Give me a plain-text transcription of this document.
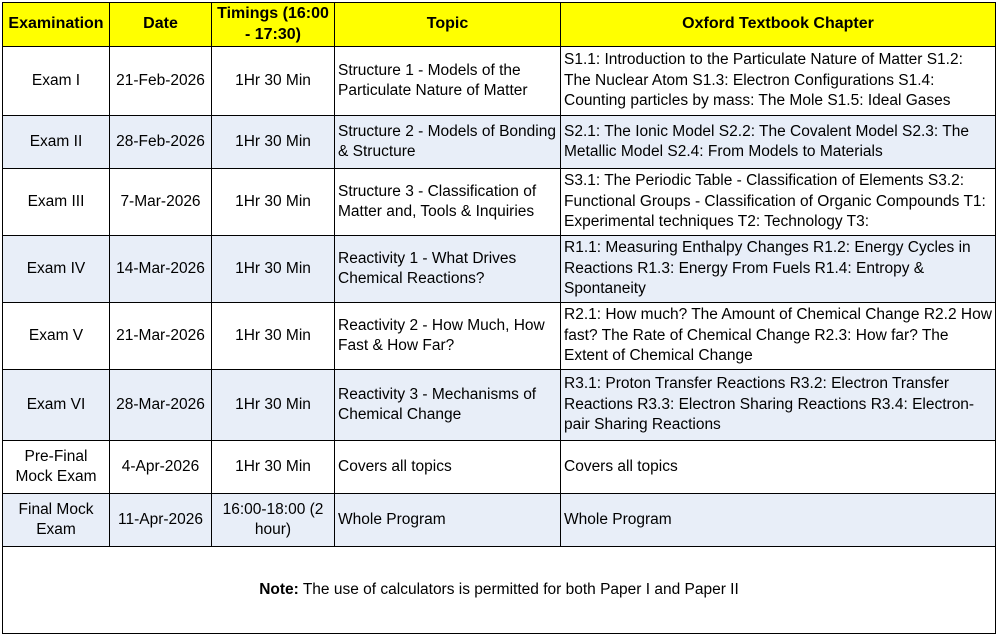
Examination	Date	Timings (16:00 - 17:30)	Topic	Oxford Textbook Chapter
Exam I	21-Feb-2026	1Hr 30 Min	Structure 1 - Models of the Particulate Nature of Matter	S1.1: Introduction to the Particulate Nature of Matter S1.2: The Nuclear Atom S1.3: Electron Configurations S1.4: Counting particles by mass: The Mole S1.5: Ideal Gases
Exam II	28-Feb-2026	1Hr 30 Min	Structure 2 - Models of Bonding & Structure	S2.1: The Ionic Model S2.2: The Covalent Model S2.3: The Metallic Model S2.4: From Models to Materials
Exam III	7-Mar-2026	1Hr 30 Min	Structure 3 - Classification of Matter and, Tools & Inquiries	S3.1: The Periodic Table - Classification of Elements S3.2: Functional Groups - Classification of Organic Compounds T1: Experimental techniques T2: Technology T3:
Exam IV	14-Mar-2026	1Hr 30 Min	Reactivity 1 - What Drives Chemical Reactions?	R1.1: Measuring Enthalpy Changes R1.2: Energy Cycles in Reactions R1.3: Energy From Fuels R1.4: Entropy & Spontaneity
Exam V	21-Mar-2026	1Hr 30 Min	Reactivity 2 - How Much, How Fast & How Far?	R2.1: How much? The Amount of Chemical Change R2.2 How fast? The Rate of Chemical Change R2.3: How far? The Extent of Chemical Change
Exam VI	28-Mar-2026	1Hr 30 Min	Reactivity 3 - Mechanisms of Chemical Change	R3.1: Proton Transfer Reactions R3.2: Electron Transfer Reactions R3.3: Electron Sharing Reactions R3.4: Electron-pair Sharing Reactions
Pre-Final Mock Exam	4-Apr-2026	1Hr 30 Min	Covers all topics	Covers all topics
Final Mock Exam	11-Apr-2026	16:00-18:00 (2 hour)	Whole Program	Whole Program
Note: The use of calculators is permitted for both Paper I and Paper II				
